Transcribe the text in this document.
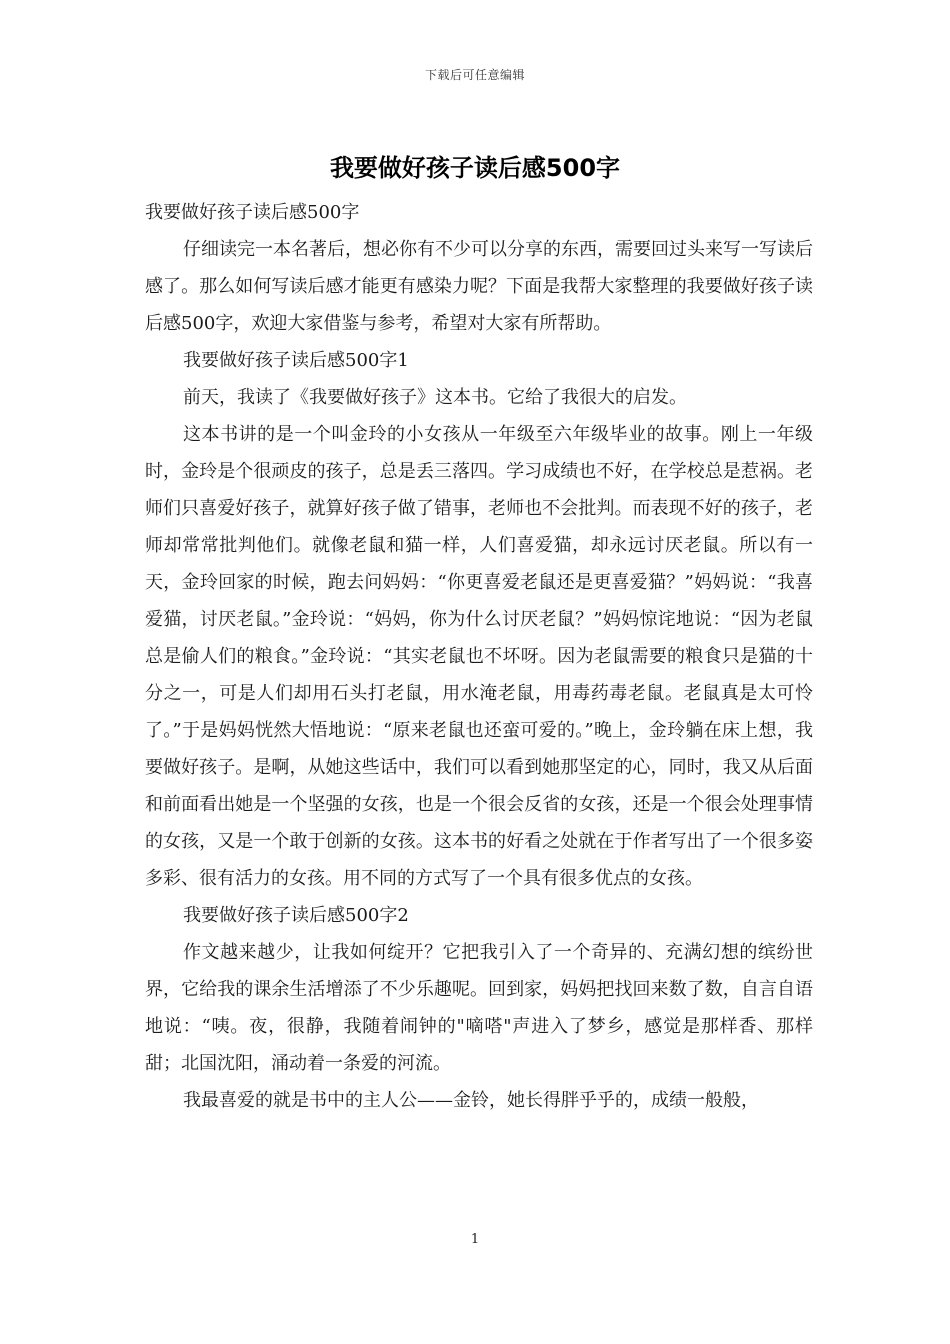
下载后可任意编辑
我要做好孩子读后感500字

我要做好孩子读后感500字

仔细读完一本名著后，想必你有不少可以分享的东西，需要回过头来写一写读后感了。那么如何写读后感才能更有感染力呢？下面是我帮大家整理的我要做好孩子读后感500字，欢迎大家借鉴与参考，希望对大家有所帮助。

我要做好孩子读后感500字1

前天，我读了《我要做好孩子》这本书。它给了我很大的启发。

这本书讲的是一个叫金玲的小女孩从一年级至六年级毕业的故事。刚上一年级时，金玲是个很顽皮的孩子，总是丢三落四。学习成绩也不好，在学校总是惹祸。老师们只喜爱好孩子，就算好孩子做了错事，老师也不会批判。而表现不好的孩子，老师却常常批判他们。就像老鼠和猫一样，人们喜爱猫，却永远讨厌老鼠。所以有一天，金玲回家的时候，跑去问妈妈：“你更喜爱老鼠还是更喜爱猫？”妈妈说：“我喜爱猫，讨厌老鼠。”金玲说：“妈妈，你为什么讨厌老鼠？”妈妈惊诧地说：“因为老鼠总是偷人们的粮食。”金玲说：“其实老鼠也不坏呀。因为老鼠需要的粮食只是猫的十分之一，可是人们却用石头打老鼠，用水淹老鼠，用毒药毒老鼠。老鼠真是太可怜了。”于是妈妈恍然大悟地说：“原来老鼠也还蛮可爱的。”晚上，金玲躺在床上想，我要做好孩子。是啊，从她这些话中，我们可以看到她那坚定的心，同时，我又从后面和前面看出她是一个坚强的女孩，也是一个很会反省的女孩，还是一个很会处理事情的女孩，又是一个敢于创新的女孩。这本书的好看之处就在于作者写出了一个很多姿多彩、很有活力的女孩。用不同的方式写了一个具有很多优点的女孩。

我要做好孩子读后感500字2

作文越来越少，让我如何绽开？它把我引入了一个奇异的、充满幻想的缤纷世界，它给我的课余生活增添了不少乐趣呢。回到家，妈妈把找回来数了数，自言自语地说：“咦。夜，很静，我随着闹钟的"嘀嗒"声进入了梦乡，感觉是那样香、那样甜；北国沈阳，涌动着一条爱的河流。

我最喜爱的就是书中的主人公——金铃，她长得胖乎乎的，成绩一般般，

1
